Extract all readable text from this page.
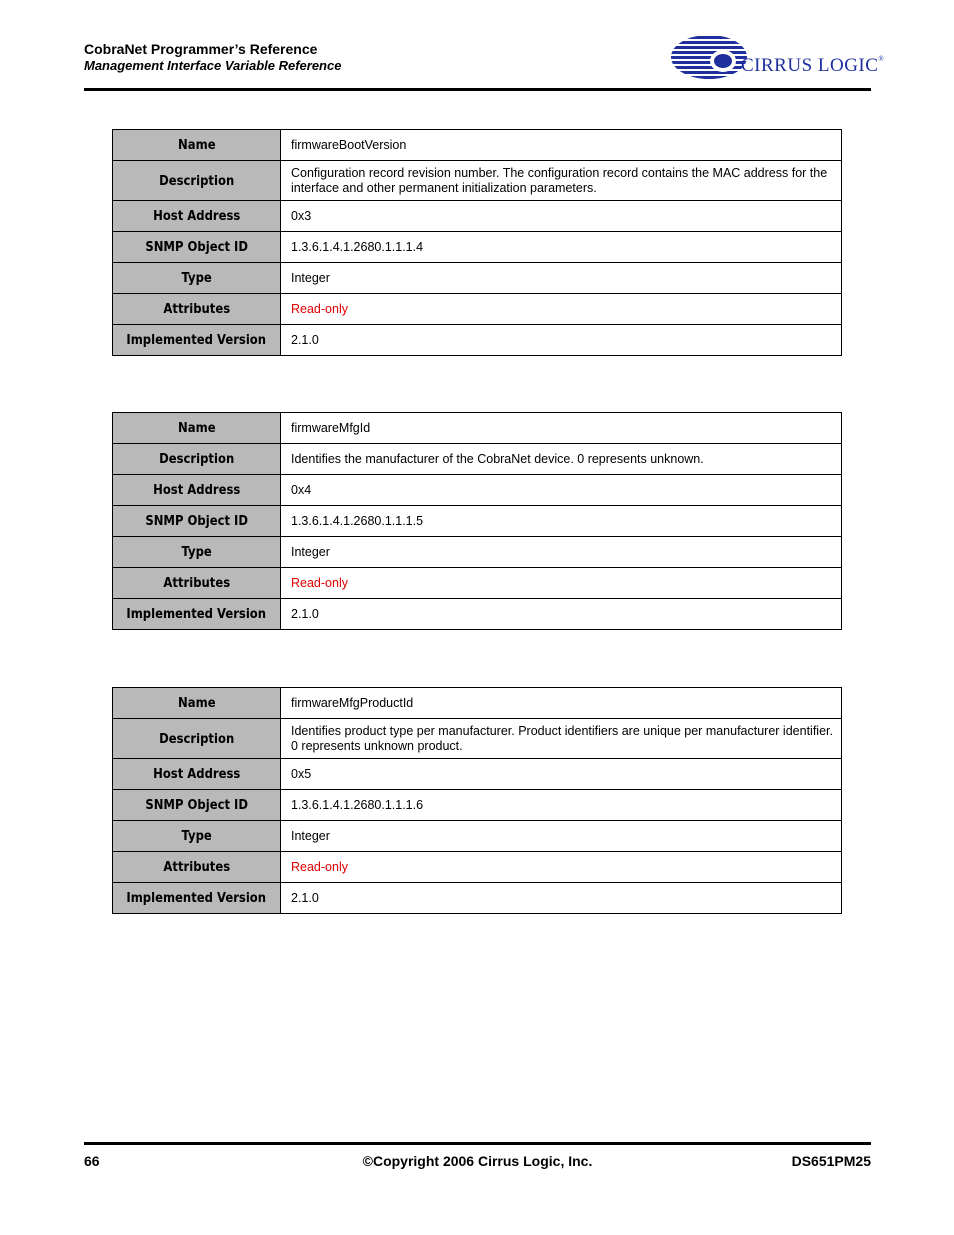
CobraNet Programmer’s Reference
Management Interface Variable Reference	CIRRUS LOGIC®
Name	firmwareBootVersion
Description	Configuration record revision number. The configuration record contains the MAC address for the interface and other permanent initialization parameters.
Host Address	0x3
SNMP Object ID	1.3.6.1.4.1.2680.1.1.1.4
Type	Integer
Attributes	Read-only
Implemented Version	2.1.0
Name	firmwareMfgId
Description	Identifies the manufacturer of the CobraNet device. 0 represents unknown.
Host Address	0x4
SNMP Object ID	1.3.6.1.4.1.2680.1.1.1.5
Type	Integer
Attributes	Read-only
Implemented Version	2.1.0
Name	firmwareMfgProductId
Description	Identifies product type per manufacturer. Product identifiers are unique per manufacturer identifier. 0 represents unknown product.
Host Address	0x5
SNMP Object ID	1.3.6.1.4.1.2680.1.1.1.6
Type	Integer
Attributes	Read-only
Implemented Version	2.1.0
66	©Copyright 2006 Cirrus Logic, Inc.	DS651PM25
